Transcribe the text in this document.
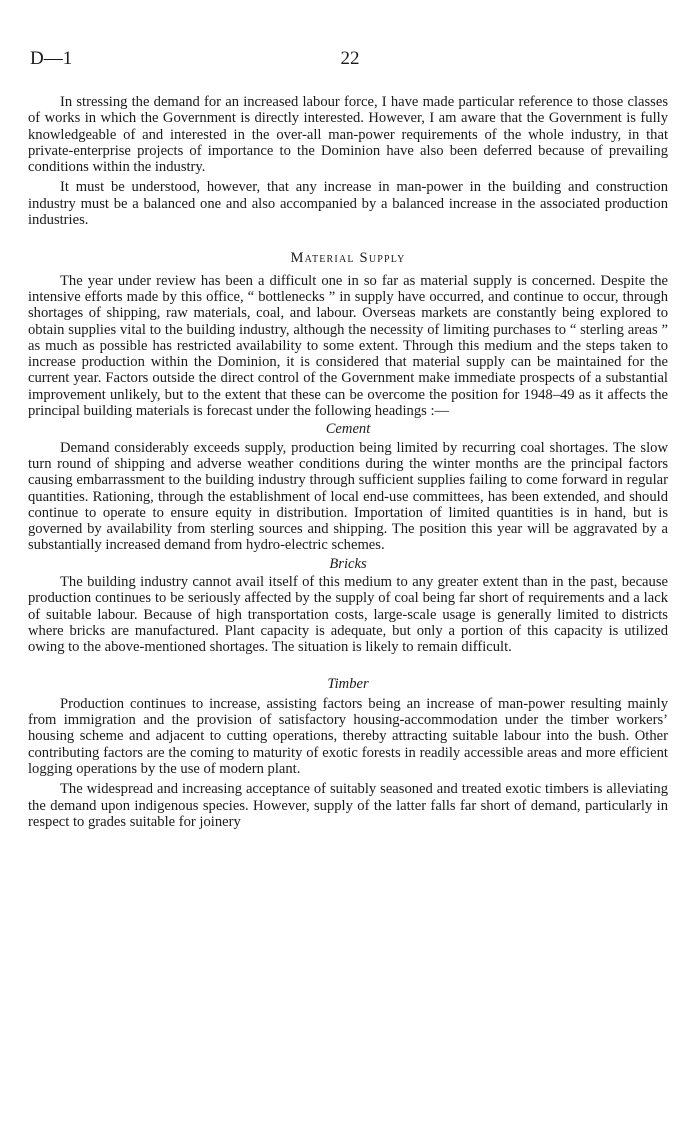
D—1	22

In stressing the demand for an increased labour force, I have made particular reference to those classes of works in which the Government is directly interested. However, I am aware that the Government is fully knowledgeable of and interested in the over-all man-power requirements of the whole industry, in that private-enterprise projects of importance to the Dominion have also been deferred because of prevailing conditions within the industry.

It must be understood, however, that any increase in man-power in the building and construction industry must be a balanced one and also accompanied by a balanced increase in the associated production industries.

Material Supply

The year under review has been a difficult one in so far as material supply is concerned. Despite the intensive efforts made by this office, “ bottlenecks ” in supply have occurred, and continue to occur, through shortages of shipping, raw materials, coal, and labour. Overseas markets are constantly being explored to obtain supplies vital to the building industry, although the necessity of limiting purchases to “ sterling areas ” as much as possible has restricted availability to some extent. Through this medium and the steps taken to increase production within the Dominion, it is considered that material supply can be maintained for the current year. Factors outside the direct control of the Government make immediate prospects of a substantial improvement unlikely, but to the extent that these can be overcome the position for 1948–49 as it affects the principal building materials is forecast under the following headings :—

Cement

Demand considerably exceeds supply, production being limited by recurring coal shortages. The slow turn round of shipping and adverse weather conditions during the winter months are the principal factors causing embarrassment to the building industry through sufficient supplies failing to come forward in regular quantities. Rationing, through the establishment of local end-use committees, has been extended, and should continue to operate to ensure equity in distribution. Importation of limited quantities is in hand, but is governed by availability from sterling sources and shipping. The position this year will be aggravated by a substantially increased demand from hydro-electric schemes.

Bricks

The building industry cannot avail itself of this medium to any greater extent than in the past, because production continues to be seriously affected by the supply of coal being far short of requirements and a lack of suitable labour. Because of high transportation costs, large-scale usage is generally limited to districts where bricks are manufactured. Plant capacity is adequate, but only a portion of this capacity is utilized owing to the above-mentioned shortages. The situation is likely to remain difficult.

Timber

Production continues to increase, assisting factors being an increase of man-power resulting mainly from immigration and the provision of satisfactory housing-accommodation under the timber workers’ housing scheme and adjacent to cutting operations, thereby attracting suitable labour into the bush. Other contributing factors are the coming to maturity of exotic forests in readily accessible areas and more efficient logging operations by the use of modern plant.

The widespread and increasing acceptance of suitably seasoned and treated exotic timbers is alleviating the demand upon indigenous species. However, supply of the latter falls far short of demand, particularly in respect to grades suitable for joinery
